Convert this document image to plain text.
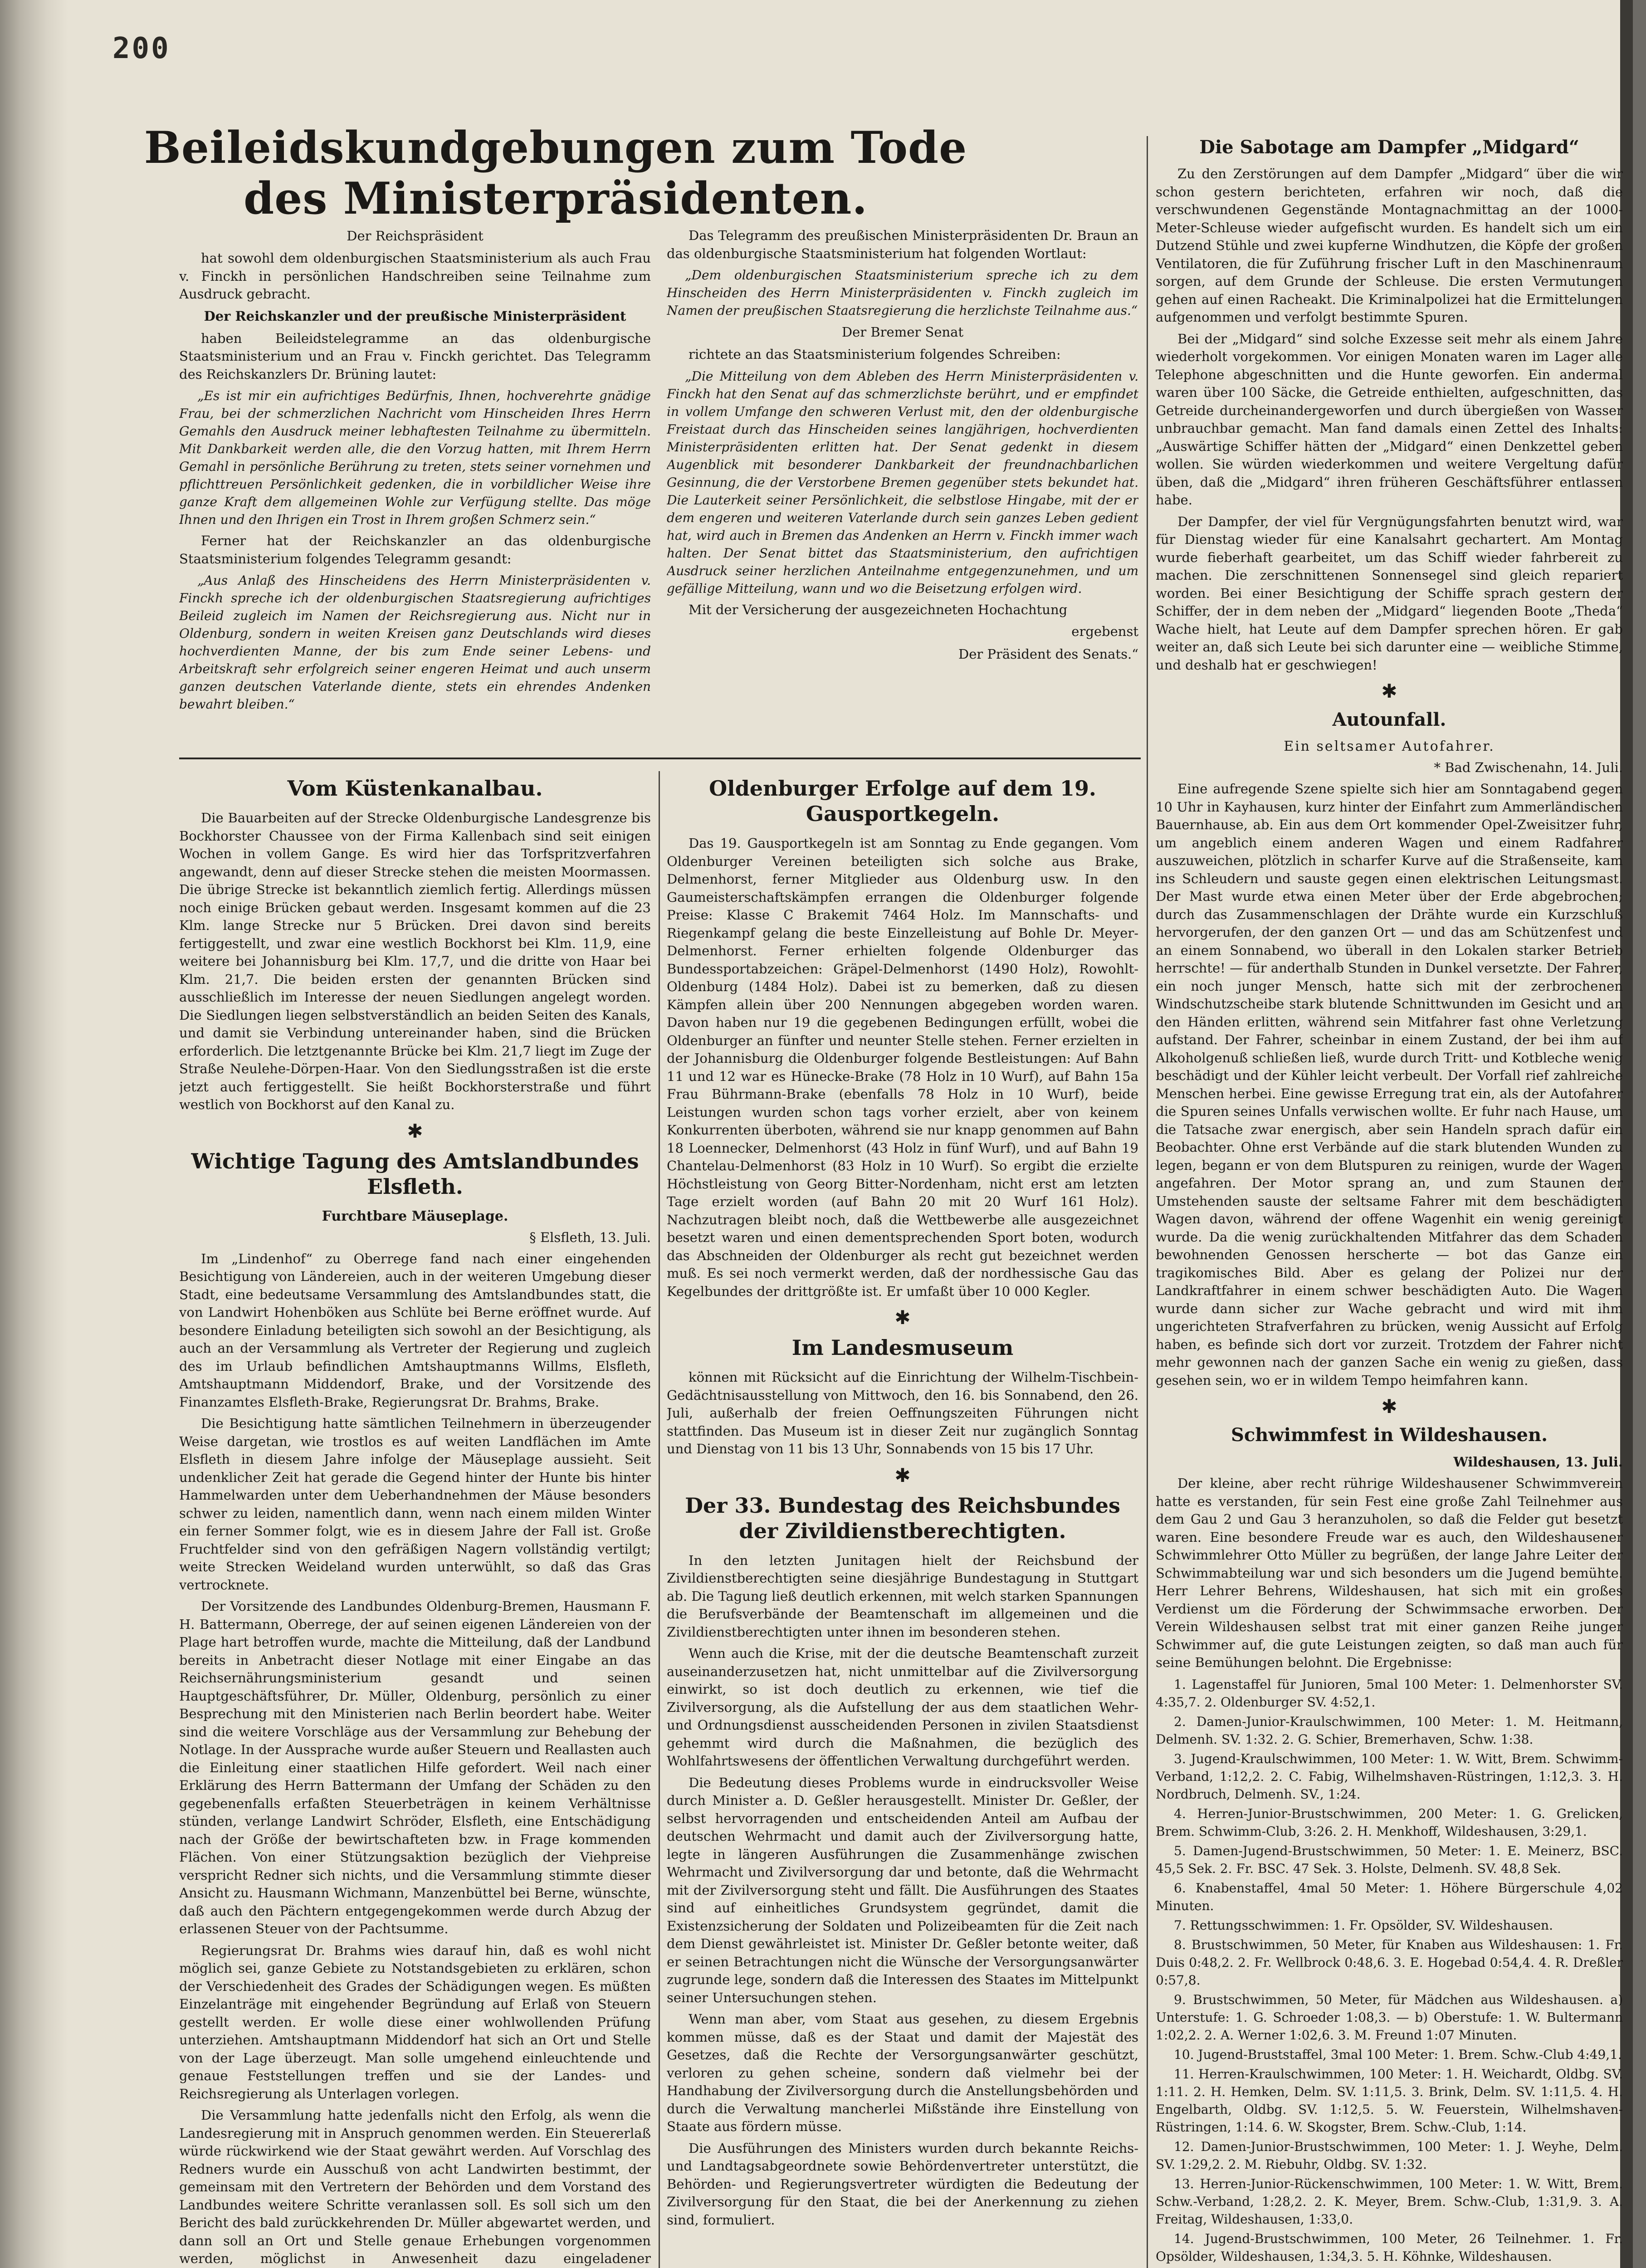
200
Beileidskundgebungen zum Tode des Ministerpräsidenten.

Der Reichspräsident

hat sowohl dem oldenburgischen Staatsministerium als auch Frau v. Finckh in persönlichen Handschreiben seine Teilnahme zum Ausdruck gebracht.

Der Reichskanzler und der preußische Ministerpräsident

haben Beileidstelegramme an das oldenburgische Staatsministerium und an Frau v. Finckh gerichtet. Das Telegramm des Reichskanzlers Dr. Brüning lautet:

„Es ist mir ein aufrichtiges Bedürfnis, Ihnen, hochverehrte gnädige Frau, bei der schmerzlichen Nachricht vom Hinscheiden Ihres Herrn Gemahls den Ausdruck meiner lebhaftesten Teilnahme zu übermitteln. Mit Dankbarkeit werden alle, die den Vorzug hatten, mit Ihrem Herrn Gemahl in persönliche Berührung zu treten, stets seiner vornehmen und pflichttreuen Persönlichkeit gedenken, die in vorbildlicher Weise ihre ganze Kraft dem allgemeinen Wohle zur Verfügung stellte. Das möge Ihnen und den Ihrigen ein Trost in Ihrem großen Schmerz sein.“

Ferner hat der Reichskanzler an das oldenburgische Staatsministerium folgendes Telegramm gesandt:

„Aus Anlaß des Hinscheidens des Herrn Ministerpräsidenten v. Finckh spreche ich der oldenburgischen Staatsregierung aufrichtiges Beileid zugleich im Namen der Reichsregierung aus. Nicht nur in Oldenburg, sondern in weiten Kreisen ganz Deutschlands wird dieses hochverdienten Manne, der bis zum Ende seiner Lebens- und Arbeitskraft sehr erfolgreich seiner engeren Heimat und auch unserm ganzen deutschen Vaterlande diente, stets ein ehrendes Andenken bewahrt bleiben.“

Das Telegramm des preußischen Ministerpräsidenten Dr. Braun an das oldenburgische Staatsministerium hat folgenden Wortlaut:

„Dem oldenburgischen Staatsministerium spreche ich zu dem Hinscheiden des Herrn Ministerpräsidenten v. Finckh zugleich im Namen der preußischen Staatsregierung die herzlichste Teilnahme aus.“

Der Bremer Senat

richtete an das Staatsministerium folgendes Schreiben:

„Die Mitteilung von dem Ableben des Herrn Ministerpräsidenten v. Finckh hat den Senat auf das schmerzlichste berührt, und er empfindet in vollem Umfange den schweren Verlust mit, den der oldenburgische Freistaat durch das Hinscheiden seines langjährigen, hochverdienten Ministerpräsidenten erlitten hat. Der Senat gedenkt in diesem Augenblick mit besonderer Dankbarkeit der freundnachbarlichen Gesinnung, die der Verstorbene Bremen gegenüber stets bekundet hat. Die Lauterkeit seiner Persönlichkeit, die selbstlose Hingabe, mit der er dem engeren und weiteren Vaterlande durch sein ganzes Leben gedient hat, wird auch in Bremen das Andenken an Herrn v. Finckh immer wach halten. Der Senat bittet das Staatsministerium, den aufrichtigen Ausdruck seiner herzlichen Anteilnahme entgegenzunehmen, und um gefällige Mitteilung, wann und wo die Beisetzung erfolgen wird.

Mit der Versicherung der ausgezeichneten Hochachtung

ergebenst

Der Präsident des Senats.“

Vom Küstenkanalbau.

Die Bauarbeiten auf der Strecke Oldenburgische Landesgrenze bis Bockhorster Chaussee von der Firma Kallenbach sind seit einigen Wochen in vollem Gange. Es wird hier das Torfspritzverfahren angewandt, denn auf dieser Strecke stehen die meisten Moormassen. Die übrige Strecke ist bekanntlich ziemlich fertig. Allerdings müssen noch einige Brücken gebaut werden. Insgesamt kommen auf die 23 Klm. lange Strecke nur 5 Brücken. Drei davon sind bereits fertiggestellt, und zwar eine westlich Bockhorst bei Klm. 11,9, eine weitere bei Johannisburg bei Klm. 17,7, und die dritte von Haar bei Klm. 21,7. Die beiden ersten der genannten Brücken sind ausschließlich im Interesse der neuen Siedlungen angelegt worden. Die Siedlungen liegen selbstverständlich an beiden Seiten des Kanals, und damit sie Verbindung untereinander haben, sind die Brücken erforderlich. Die letztgenannte Brücke bei Klm. 21,7 liegt im Zuge der Straße Neulehe-Dörpen-Haar. Von den Siedlungsstraßen ist die erste jetzt auch fertiggestellt. Sie heißt Bockhorsterstraße und führt westlich von Bockhorst auf den Kanal zu.

✱
Wichtige Tagung des Amtslandbundes Elsfleth.
Furchtbare Mäuseplage.
§ Elsfleth, 13. Juli.

Im „Lindenhof“ zu Oberrege fand nach einer eingehenden Besichtigung von Ländereien, auch in der weiteren Umgebung dieser Stadt, eine bedeutsame Versammlung des Amtslandbundes statt, die von Landwirt Hohenböken aus Schlüte bei Berne eröffnet wurde. Auf besondere Einladung beteiligten sich sowohl an der Besichtigung, als auch an der Versammlung als Vertreter der Regierung und zugleich des im Urlaub befindlichen Amtshauptmanns Willms, Elsfleth, Amtshauptmann Middendorf, Brake, und der Vorsitzende des Finanzamtes Elsfleth-Brake, Regierungsrat Dr. Brahms, Brake.

Die Besichtigung hatte sämtlichen Teilnehmern in überzeugender Weise dargetan, wie trostlos es auf weiten Landflächen im Amte Elsfleth in diesem Jahre infolge der Mäuseplage aussieht. Seit undenklicher Zeit hat gerade die Gegend hinter der Hunte bis hinter Hammelwarden unter dem Ueberhandnehmen der Mäuse besonders schwer zu leiden, namentlich dann, wenn nach einem milden Winter ein ferner Sommer folgt, wie es in diesem Jahre der Fall ist. Große Fruchtfelder sind von den gefräßigen Nagern vollständig vertilgt; weite Strecken Weideland wurden unterwühlt, so daß das Gras vertrocknete.

Der Vorsitzende des Landbundes Oldenburg-Bremen, Hausmann F. H. Battermann, Oberrege, der auf seinen eigenen Ländereien von der Plage hart betroffen wurde, machte die Mitteilung, daß der Landbund bereits in Anbetracht dieser Notlage mit einer Eingabe an das Reichsernährungsministerium gesandt und seinen Hauptgeschäftsführer, Dr. Müller, Oldenburg, persönlich zu einer Besprechung mit den Ministerien nach Berlin beordert habe. Weiter sind die weitere Vorschläge aus der Versammlung zur Behebung der Notlage. In der Aussprache wurde außer Steuern und Reallasten auch die Einleitung einer staatlichen Hilfe gefordert. Weil nach einer Erklärung des Herrn Battermann der Umfang der Schäden zu den gegebenenfalls erfaßten Steuerbeträgen in keinem Verhältnisse stünden, verlange Landwirt Schröder, Elsfleth, eine Entschädigung nach der Größe der bewirtschafteten bzw. in Frage kommenden Flächen. Von einer Stützungsaktion bezüglich der Viehpreise verspricht Redner sich nichts, und die Versammlung stimmte dieser Ansicht zu. Hausmann Wichmann, Manzenbüttel bei Berne, wünschte, daß auch den Pächtern entgegengekommen werde durch Abzug der erlassenen Steuer von der Pachtsumme.

Regierungsrat Dr. Brahms wies darauf hin, daß es wohl nicht möglich sei, ganze Gebiete zu Notstandsgebieten zu erklären, schon der Verschiedenheit des Grades der Schädigungen wegen. Es müßten Einzelanträge mit eingehender Begründung auf Erlaß von Steuern gestellt werden. Er wolle diese einer wohlwollenden Prüfung unterziehen. Amtshauptmann Middendorf hat sich an Ort und Stelle von der Lage überzeugt. Man solle umgehend einleuchtende und genaue Feststellungen treffen und sie der Landes- und Reichsregierung als Unterlagen vorlegen.

Die Versammlung hatte jedenfalls nicht den Erfolg, als wenn die Landesregierung mit in Anspruch genommen werden. Ein Steuererlaß würde rückwirkend wie der Staat gewährt werden. Auf Vorschlag des Redners wurde ein Ausschuß von acht Landwirten bestimmt, der gemeinsam mit den Vertretern der Behörden und dem Vorstand des Landbundes weitere Schritte veranlassen soll. Es soll sich um den Bericht des bald zurückkehrenden Dr. Müller abgewartet werden, und dann soll an Ort und Stelle genaue Erhebungen vorgenommen werden, möglichst in Anwesenheit dazu eingeladener

Oldenburger Erfolge auf dem 19. Gausportkegeln.

Das 19. Gausportkegeln ist am Sonntag zu Ende gegangen. Vom Oldenburger Vereinen beteiligten sich solche aus Brake, Delmenhorst, ferner Mitglieder aus Oldenburg usw. In den Gaumeisterschaftskämpfen errangen die Oldenburger folgende Preise: Klasse C Brakemit 7464 Holz. Im Mannschafts- und Riegenkampf gelang die beste Einzelleistung auf Bohle Dr. Meyer-Delmenhorst. Ferner erhielten folgende Oldenburger das Bundessportabzeichen: Gräpel-Delmenhorst (1490 Holz), Rowohlt-Oldenburg (1484 Holz). Dabei ist zu bemerken, daß zu diesen Kämpfen allein über 200 Nennungen abgegeben worden waren. Davon haben nur 19 die gegebenen Bedingungen erfüllt, wobei die Oldenburger an fünfter und neunter Stelle stehen. Ferner erzielten in der Johannisburg die Oldenburger folgende Bestleistungen: Auf Bahn 11 und 12 war es Hünecke-Brake (78 Holz in 10 Wurf), auf Bahn 15a Frau Bührmann-Brake (ebenfalls 78 Holz in 10 Wurf), beide Leistungen wurden schon tags vorher erzielt, aber von keinem Konkurrenten überboten, während sie nur knapp genommen auf Bahn 18 Loennecker, Delmenhorst (43 Holz in fünf Wurf), und auf Bahn 19 Chantelau-Delmenhorst (83 Holz in 10 Wurf). So ergibt die erzielte Höchstleistung von Georg Bitter-Nordenham, nicht erst am letzten Tage erzielt worden (auf Bahn 20 mit 20 Wurf 161 Holz). Nachzutragen bleibt noch, daß die Wettbewerbe alle ausgezeichnet besetzt waren und einen dementsprechenden Sport boten, wodurch das Abschneiden der Oldenburger als recht gut bezeichnet werden muß. Es sei noch vermerkt werden, daß der nordhessische Gau das Kegelbundes der drittgrößte ist. Er umfaßt über 10 000 Kegler.

✱
Im Landesmuseum

können mit Rücksicht auf die Einrichtung der Wilhelm-Tischbein-Gedächtnisausstellung von Mittwoch, den 16. bis Sonnabend, den 26. Juli, außerhalb der freien Oeffnungszeiten Führungen nicht stattfinden. Das Museum ist in dieser Zeit nur zugänglich Sonntag und Dienstag von 11 bis 13 Uhr, Sonnabends von 15 bis 17 Uhr.

✱
Der 33. Bundestag des Reichsbundes der Zivildienstberechtigten.

In den letzten Junitagen hielt der Reichsbund der Zivildienstberechtigten seine diesjährige Bundestagung in Stuttgart ab. Die Tagung ließ deutlich erkennen, mit welch starken Spannungen die Berufsverbände der Beamtenschaft im allgemeinen und die Zivildienstberechtigten unter ihnen im besonderen stehen.

Wenn auch die Krise, mit der die deutsche Beamtenschaft zurzeit auseinanderzusetzen hat, nicht unmittelbar auf die Zivilversorgung einwirkt, so ist doch deutlich zu erkennen, wie tief die Zivilversorgung, als die Aufstellung der aus dem staatlichen Wehr- und Ordnungsdienst ausscheidenden Personen in zivilen Staatsdienst gehemmt wird durch die Maßnahmen, die bezüglich des Wohlfahrtswesens der öffentlichen Verwaltung durchgeführt werden.

Die Bedeutung dieses Problems wurde in eindrucksvoller Weise durch Minister a. D. Geßler herausgestellt. Minister Dr. Geßler, der selbst hervorragenden und entscheidenden Anteil am Aufbau der deutschen Wehrmacht und damit auch der Zivilversorgung hatte, legte in längeren Ausführungen die Zusammenhänge zwischen Wehrmacht und Zivilversorgung dar und betonte, daß die Wehrmacht mit der Zivilversorgung steht und fällt. Die Ausführungen des Staates sind auf einheitliches Grundsystem gegründet, damit die Existenzsicherung der Soldaten und Polizeibeamten für die Zeit nach dem Dienst gewährleistet ist. Minister Dr. Geßler betonte weiter, daß er seinen Betrachtungen nicht die Wünsche der Versorgungsanwärter zugrunde lege, sondern daß die Interessen des Staates im Mittelpunkt seiner Untersuchungen stehen.

Wenn man aber, vom Staat aus gesehen, zu diesem Ergebnis kommen müsse, daß es der Staat und damit der Majestät des Gesetzes, daß die Rechte der Versorgungsanwärter geschützt, verloren zu gehen scheine, sondern daß vielmehr bei der Handhabung der Zivilversorgung durch die Anstellungsbehörden und durch die Verwaltung mancherlei Mißstände ihre Einstellung von Staate aus fördern müsse.

Die Ausführungen des Ministers wurden durch bekannte Reichs- und Landtagsabgeordnete sowie Behördenvertreter unterstützt, die Behörden- und Regierungsvertreter würdigten die Bedeutung der Zivilversorgung für den Staat, die bei der Anerkennung zu ziehen sind, formuliert.

Die Sabotage am Dampfer „Midgard“

Zu den Zerstörungen auf dem Dampfer „Midgard“ über die wir schon gestern berichteten, erfahren wir noch, daß die verschwundenen Gegenstände Montagnachmittag an der 1000-Meter-Schleuse wieder aufgefischt wurden. Es handelt sich um ein Dutzend Stühle und zwei kupferne Windhutzen, die Köpfe der großen Ventilatoren, die für Zuführung frischer Luft in den Maschinenraum sorgen, auf dem Grunde der Schleuse. Die ersten Vermutungen gehen auf einen Racheakt. Die Kriminalpolizei hat die Ermittelungen aufgenommen und verfolgt bestimmte Spuren.

Bei der „Midgard“ sind solche Exzesse seit mehr als einem Jahre wiederholt vorgekommen. Vor einigen Monaten waren im Lager alle Telephone abgeschnitten und die Hunte geworfen. Ein andermal waren über 100 Säcke, die Getreide enthielten, aufgeschnitten, das Getreide durcheinandergeworfen und durch übergießen von Wasser unbrauchbar gemacht. Man fand damals einen Zettel des Inhalts: „Auswärtige Schiffer hätten der „Midgard“ einen Denkzettel geben wollen. Sie würden wiederkommen und weitere Vergeltung dafür üben, daß die „Midgard“ ihren früheren Geschäftsführer entlassen habe.

Der Dampfer, der viel für Vergnügungsfahrten benutzt wird, war für Dienstag wieder für eine Kanalsahrt gechartert. Am Montag wurde fieberhaft gearbeitet, um das Schiff wieder fahrbereit zu machen. Die zerschnittenen Sonnensegel sind gleich repariert worden. Bei einer Besichtigung der Schiffe sprach gestern der Schiffer, der in dem neben der „Midgard“ liegenden Boote „Theda“ Wache hielt, hat Leute auf dem Dampfer sprechen hören. Er gab weiter an, daß sich Leute bei sich darunter eine — weibliche Stimme, und deshalb hat er geschwiegen!

✱
Autounfall.
Ein seltsamer Autofahrer.
* Bad Zwischenahn, 14. Juli.

Eine aufregende Szene spielte sich hier am Sonntagabend gegen 10 Uhr in Kayhausen, kurz hinter der Einfahrt zum Ammerländischen Bauernhause, ab. Ein aus dem Ort kommender Opel-Zweisitzer fuhr, um angeblich einem anderen Wagen und einem Radfahrer auszuweichen, plötzlich in scharfer Kurve auf die Straßenseite, kam ins Schleudern und sauste gegen einen elektrischen Leitungsmast. Der Mast wurde etwa einen Meter über der Erde abgebrochen; durch das Zusammenschlagen der Drähte wurde ein Kurzschluß hervorgerufen, der den ganzen Ort — und das am Schützenfest und an einem Sonnabend, wo überall in den Lokalen starker Betrieb herrschte! — für anderthalb Stunden in Dunkel versetzte. Der Fahrer, ein noch junger Mensch, hatte sich mit der zerbrochenen Windschutzscheibe stark blutende Schnittwunden im Gesicht und an den Händen erlitten, während sein Mitfahrer fast ohne Verletzung aufstand. Der Fahrer, scheinbar in einem Zustand, der bei ihm auf Alkoholgenuß schließen ließ, wurde durch Tritt- und Kotbleche wenig beschädigt und der Kühler leicht verbeult. Der Vorfall rief zahlreiche Menschen herbei. Eine gewisse Erregung trat ein, als der Autofahrer die Spuren seines Unfalls verwischen wollte. Er fuhr nach Hause, um die Tatsache zwar energisch, aber sein Handeln sprach dafür ein Beobachter. Ohne erst Verbände auf die stark blutenden Wunden zu legen, begann er von dem Blutspuren zu reinigen, wurde der Wagen angefahren. Der Motor sprang an, und zum Staunen der Umstehenden sauste der seltsame Fahrer mit dem beschädigten Wagen davon, während der offene Wagenhit ein wenig gereinigt wurde. Da die wenig zurückhaltenden Mitfahrer das dem Schaden bewohnenden Genossen herscherte — bot das Ganze ein tragikomisches Bild. Aber es gelang der Polizei nur der Landkraftfahrer in einem schwer beschädigten Auto. Die Wagen wurde dann sicher zur Wache gebracht und wird mit ihm ungerichteten Strafverfahren zu brücken, wenig Aussicht auf Erfolg haben, es befinde sich dort vor zurzeit. Trotzdem der Fahrer nicht mehr gewonnen nach der ganzen Sache ein wenig zu gießen, dass gesehen sein, wo er in wildem Tempo heimfahren kann.

✱
Schwimmfest in Wildeshausen.
Wildeshausen, 13. Juli.

Der kleine, aber recht rührige Wildeshausener Schwimmverein hatte es verstanden, für sein Fest eine große Zahl Teilnehmer aus dem Gau 2 und Gau 3 heranzuholen, so daß die Felder gut besetzt waren. Eine besondere Freude war es auch, den Wildeshausener Schwimmlehrer Otto Müller zu begrüßen, der lange Jahre Leiter der Schwimmabteilung war und sich besonders um die Jugend bemühte. Herr Lehrer Behrens, Wildeshausen, hat sich mit ein großes Verdienst um die Förderung der Schwimmsache erworben. Der Verein Wildeshausen selbst trat mit einer ganzen Reihe junger Schwimmer auf, die gute Leistungen zeigten, so daß man auch für seine Bemühungen belohnt. Die Ergebnisse:

1. Lagenstaffel für Junioren, 5mal 100 Meter: 1. Delmenhorster SV. 4:35,7. 2. Oldenburger SV. 4:52,1.

2. Damen-Junior-Kraulschwimmen, 100 Meter: 1. M. Heitmann, Delmenh. SV. 1:32. 2. G. Schier, Bremerhaven, Schw. 1:38.

3. Jugend-Kraulschwimmen, 100 Meter: 1. W. Witt, Brem. Schwimm-Verband, 1:12,2. 2. C. Fabig, Wilhelmshaven-Rüstringen, 1:12,3. 3. H. Nordbruch, Delmenh. SV., 1:24.

4. Herren-Junior-Brustschwimmen, 200 Meter: 1. G. Grelicken, Brem. Schwimm-Club, 3:26. 2. H. Menkhoff, Wildeshausen, 3:29,1.

5. Damen-Jugend-Brustschwimmen, 50 Meter: 1. E. Meinerz, BSC. 45,5 Sek. 2. Fr. BSC. 47 Sek. 3. Holste, Delmenh. SV. 48,8 Sek.

6. Knabenstaffel, 4mal 50 Meter: 1. Höhere Bürgerschule 4,02 Minuten.

7. Rettungsschwimmen: 1. Fr. Opsölder, SV. Wildeshausen.

8. Brustschwimmen, 50 Meter, für Knaben aus Wildeshausen: 1. Fr. Duis 0:48,2. 2. Fr. Wellbrock 0:48,6. 3. E. Hogebad 0:54,4. 4. R. Dreßler 0:57,8.

9. Brustschwimmen, 50 Meter, für Mädchen aus Wildeshausen. a) Unterstufe: 1. G. Schroeder 1:08,3. — b) Oberstufe: 1. W. Bultermann 1:02,2. 2. A. Werner 1:02,6. 3. M. Freund 1:07 Minuten.

10. Jugend-Bruststaffel, 3mal 100 Meter: 1. Brem. Schw.-Club 4:49,1.

11. Herren-Kraulschwimmen, 100 Meter: 1. H. Weichardt, Oldbg. SV. 1:11. 2. H. Hemken, Delm. SV. 1:11,5. 3. Brink, Delm. SV. 1:11,5. 4. H. Engelbarth, Oldbg. SV. 1:12,5. 5. W. Feuerstein, Wilhelmshaven-Rüstringen, 1:14. 6. W. Skogster, Brem. Schw.-Club, 1:14.

12. Damen-Junior-Brustschwimmen, 100 Meter: 1. J. Weyhe, Delm. SV. 1:29,2. 2. M. Riebuhr, Oldbg. SV. 1:32.

13. Herren-Junior-Rückenschwimmen, 100 Meter: 1. W. Witt, Brem. Schw.-Verband, 1:28,2. 2. K. Meyer, Brem. Schw.-Club, 1:31,9. 3. A. Freitag, Wildeshausen, 1:33,0.

14. Jugend-Brustschwimmen, 100 Meter, 26 Teilnehmer. 1. Fr. Opsölder, Wildeshausen, 1:34,3. 5. H. Köhnke, Wildeshausen.
